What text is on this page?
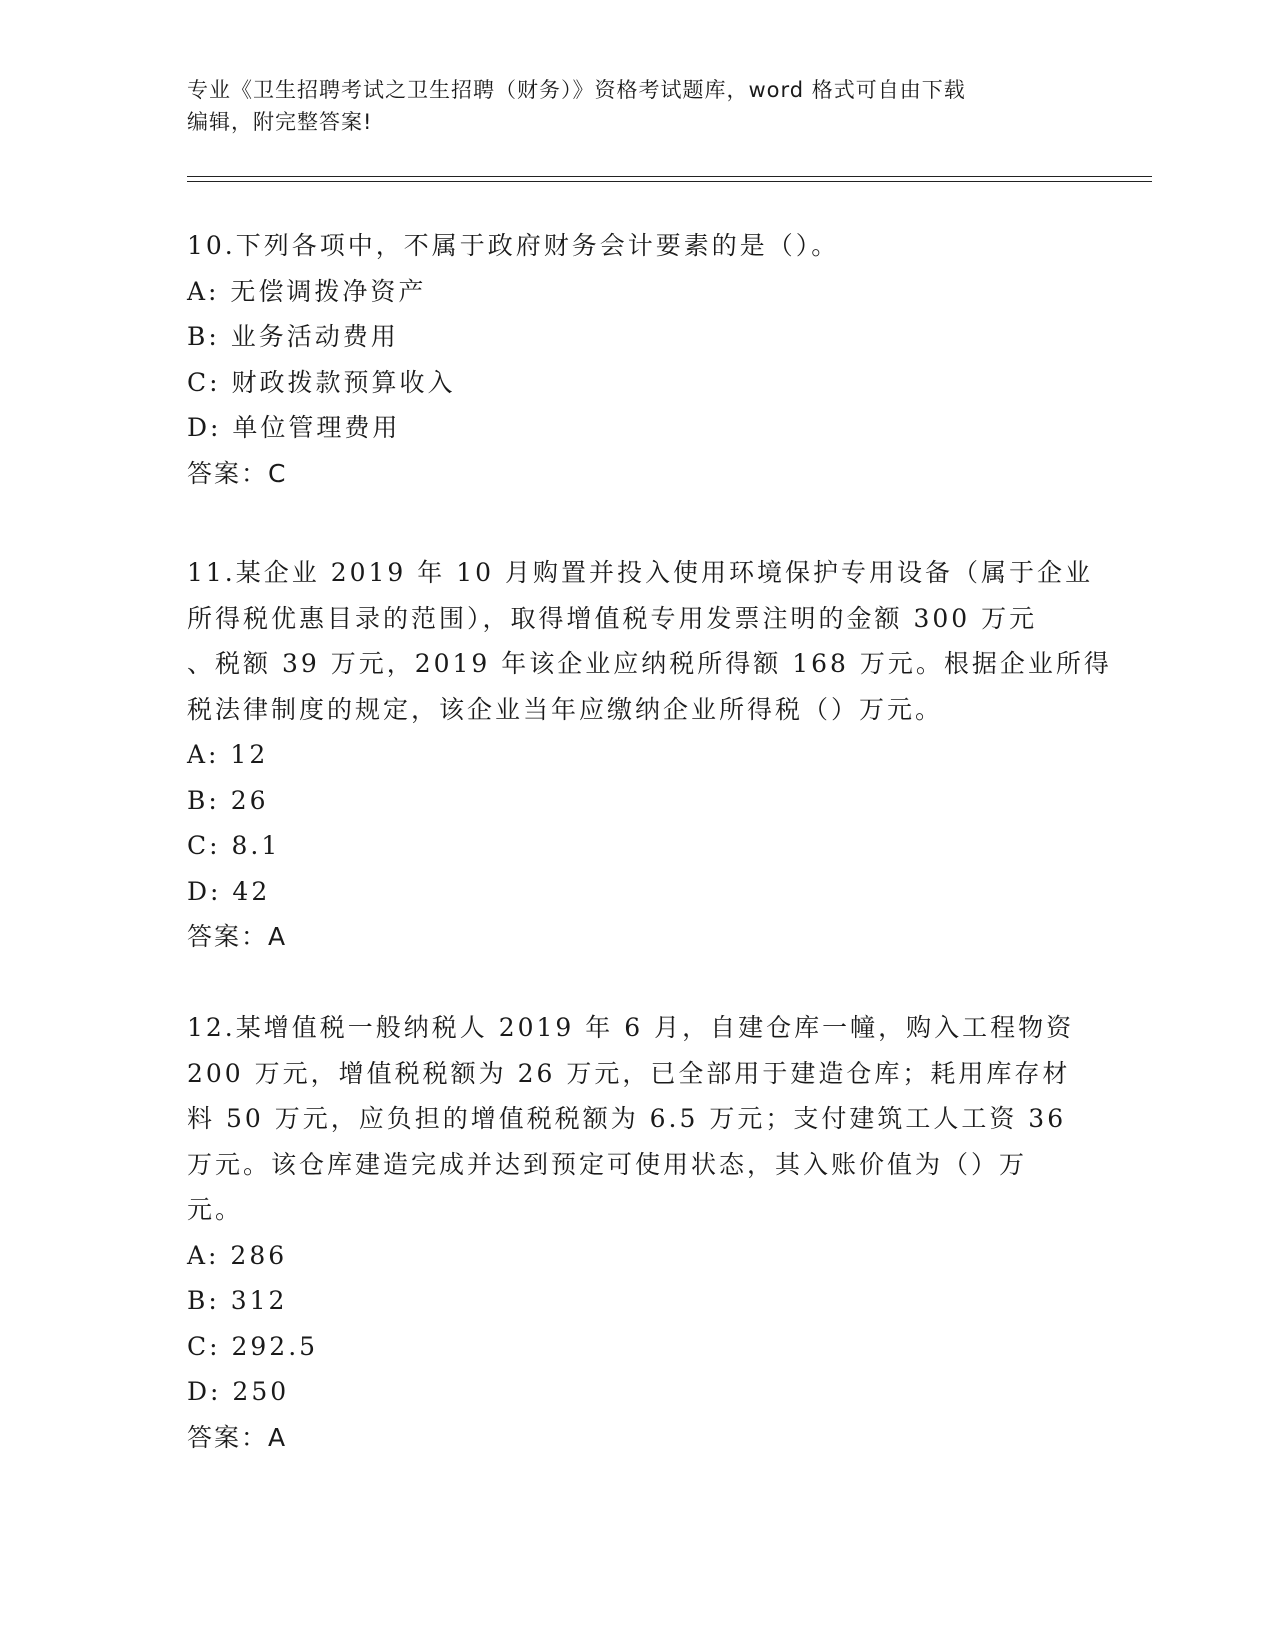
专业《卫生招聘考试之卫生招聘（财务）》资格考试题库，word 格式可自由下载
编辑，附完整答案!
10.下列各项中，不属于政府财务会计要素的是（）。
A: 无偿调拨净资产
B: 业务活动费用
C: 财政拨款预算收入
D: 单位管理费用
答案：C
11.某企业 2019 年 10 月购置并投入使用环境保护专用设备（属于企业
所得税优惠目录的范围），取得增值税专用发票注明的金额 300 万元
、税额 39 万元，2019 年该企业应纳税所得额 168 万元。根据企业所得
税法律制度的规定，该企业当年应缴纳企业所得税（）万元。
A: 12
B: 26
C: 8.1
D: 42
答案：A
12.某增值税一般纳税人 2019 年 6 月，自建仓库一幢，购入工程物资
200 万元，增值税税额为 26 万元，已全部用于建造仓库；耗用库存材
料 50 万元，应负担的增值税税额为 6.5 万元；支付建筑工人工资 36
万元。该仓库建造完成并达到预定可使用状态，其入账价值为（）万
元。
A: 286
B: 312
C: 292.5
D: 250
答案：A
